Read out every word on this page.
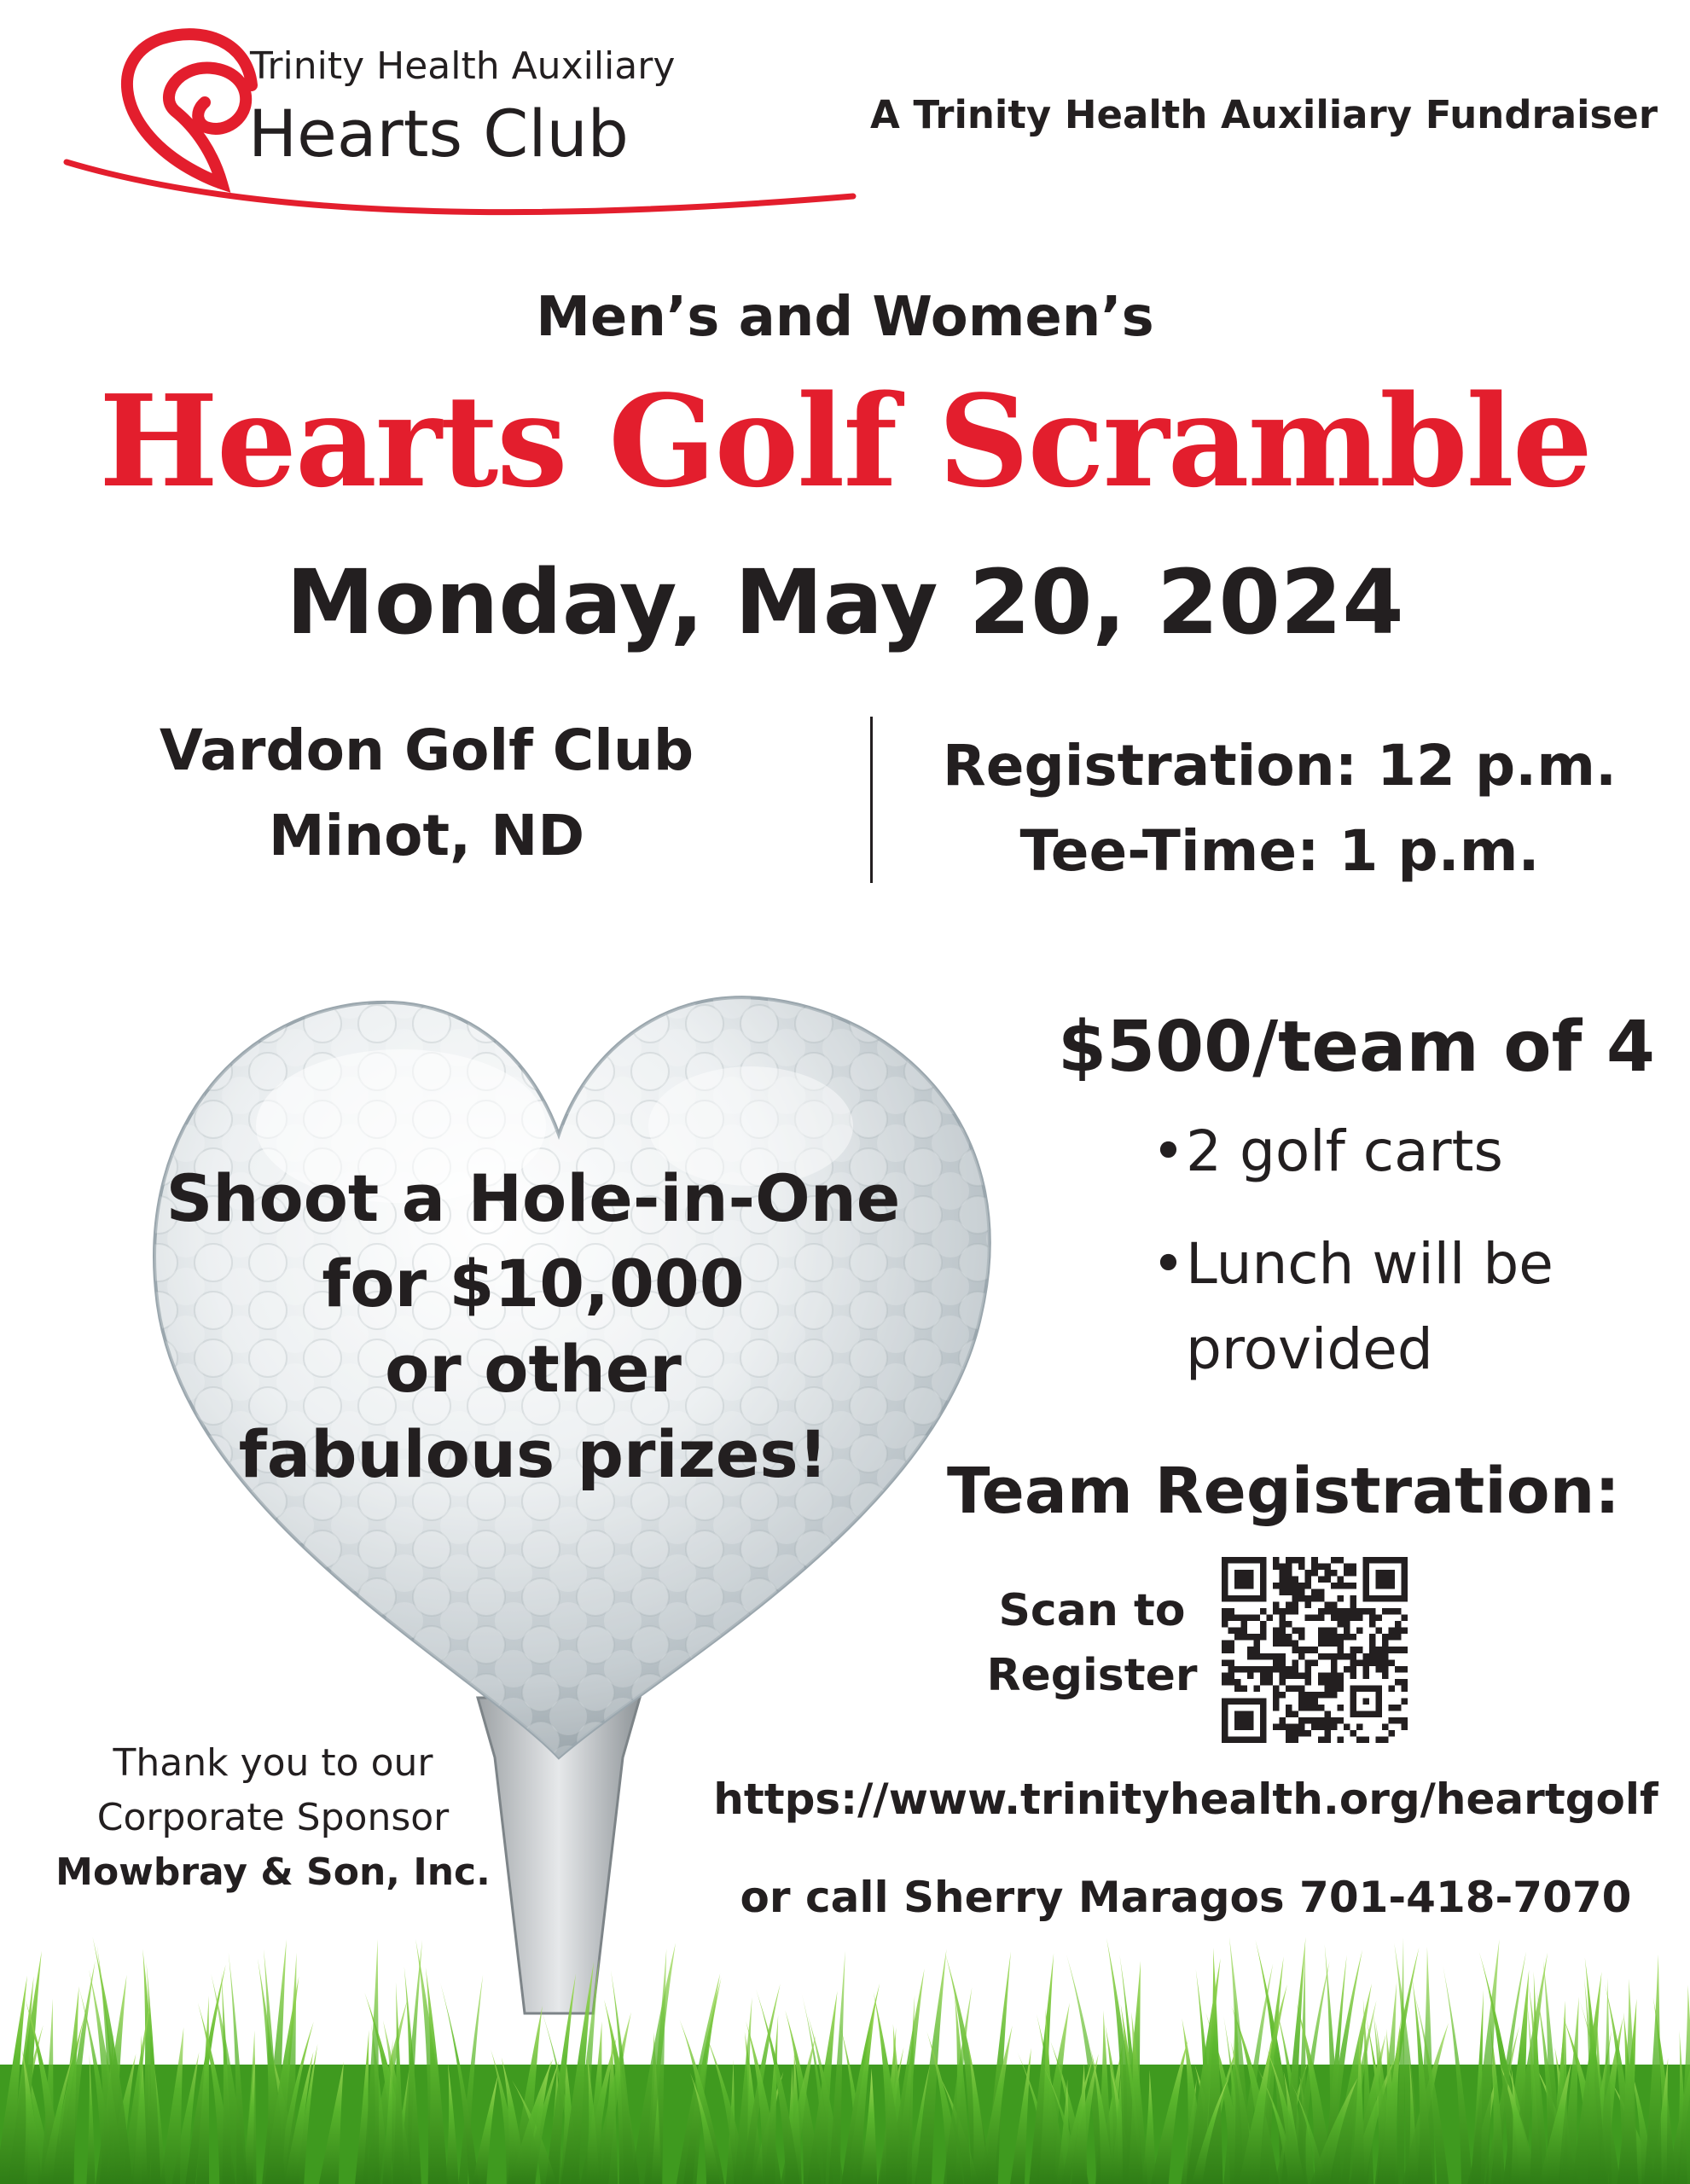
Trinity Health Auxiliary
Hearts Club	A Trinity Health Auxiliary Fundraiser
Men’s and Women’s
Hearts Golf Scramble
Monday, May 20, 2024
Vardon Golf Club
Minot, ND
Registration: 12 p.m.
Tee-Time: 1 p.m.
Shoot a Hole-in-One
for $10,000
or other
fabulous prizes!
$500/team of 4
• 2 golf carts
• Lunch will be
provided
Team Registration:
Scan to
Register
https://www.trinityhealth.org/heartgolf
or call Sherry Maragos 701-418-7070
Thank you to our
Corporate Sponsor
Mowbray & Son, Inc.
